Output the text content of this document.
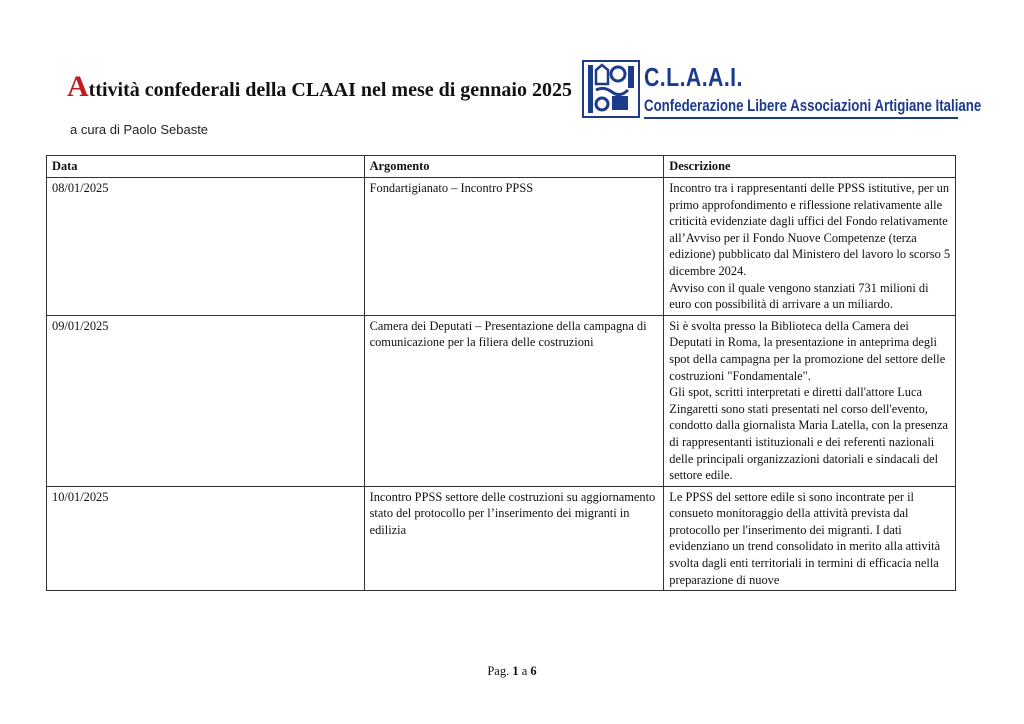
Attività confederali della CLAAI nel mese di gennaio 2025
a cura di Paolo Sebaste
C.L.A.A.I.
Confederazione Libere Associazioni Artigiane Italiane
Data	Argomento	Descrizione
08/01/2025	Fondartigianato – Incontro PPSS	Incontro tra i rappresentanti delle PPSS istitutive, per un primo approfondimento e riflessione relativamente alle criticità evidenziate dagli uffici del Fondo relativamente all’Avviso per il Fondo Nuove Competenze (terza edizione) pubblicato dal Ministero del lavoro lo scorso 5 dicembre 2024.

Avviso con il quale vengono stanziati 731 milioni di euro con possibilità di arrivare a un miliardo.

09/01/2025	Camera dei Deputati – Presentazione della campagna di comunicazione per la filiera delle costruzioni	Si è svolta presso la Biblioteca della Camera dei Deputati in Roma, la presentazione in anteprima degli spot della campagna per la promozione del settore delle costruzioni "Fondamentale".

Gli spot, scritti interpretati e diretti dall'attore Luca Zingaretti sono stati presentati nel corso dell'evento, condotto dalla giornalista Maria Latella, con la presenza di rappresentanti istituzionali e dei referenti nazionali delle principali organizzazioni datoriali e sindacali del settore edile.

10/01/2025	Incontro PPSS settore delle costruzioni su aggiornamento stato del protocollo per l’inserimento dei migranti in edilizia	Le PPSS del settore edile si sono incontrate per il consueto monitoraggio della attività prevista dal protocollo per l'inserimento dei migranti. I dati evidenziano un trend consolidato in merito alla attività svolta dagli enti territoriali in termini di efficacia nella preparazione di nuove

Pag. 1 a 6
